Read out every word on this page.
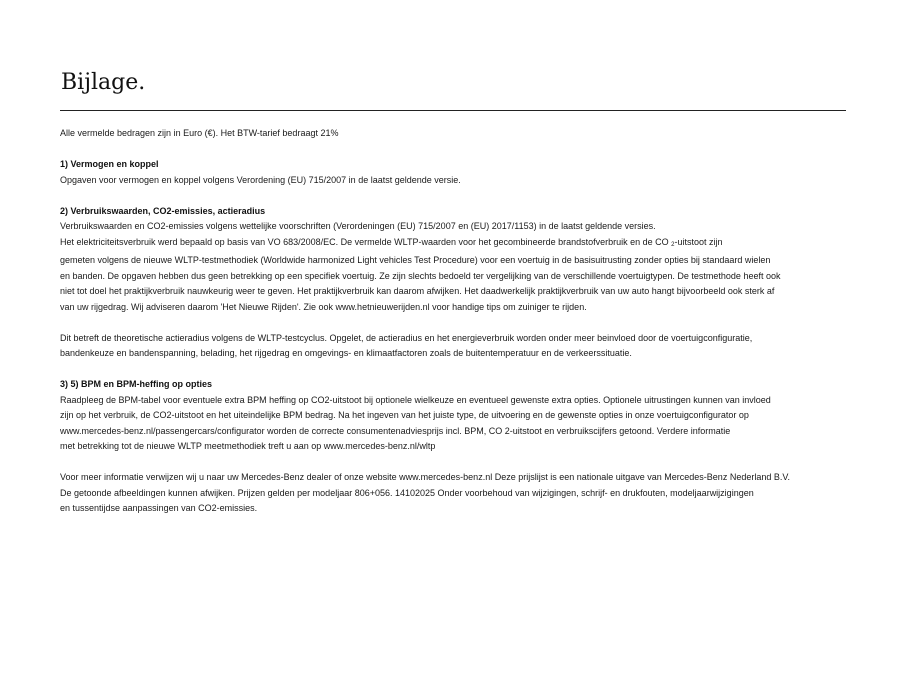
Bijlage.

Alle vermelde bedragen zijn in Euro (€). Het BTW-tarief bedraagt 21%

1) Vermogen en koppel

Opgaven voor vermogen en koppel volgens Verordening (EU) 715/2007 in de laatst geldende versie.

2) Verbruikswaarden, CO2-emissies, actieradius

Verbruikswaarden en CO2-emissies volgens wettelijke voorschriften (Verordeningen (EU) 715/2007 en (EU) 2017/1153) in de laatst geldende versies.

Het elektriciteitsverbruik werd bepaald op basis van VO 683/2008/EC. De vermelde WLTP-waarden voor het gecombineerde brandstofverbruik en de CO 2-uitstoot zijn

gemeten volgens de nieuwe WLTP-testmethodiek (Worldwide harmonized Light vehicles Test Procedure) voor een voertuig in de basisuitrusting zonder opties bij standaard wielen

en banden. De opgaven hebben dus geen betrekking op een specifiek voertuig. Ze zijn slechts bedoeld ter vergelijking van de verschillende voertuigtypen. De testmethode heeft ook

niet tot doel het praktijkverbruik nauwkeurig weer te geven. Het praktijkverbruik kan daarom afwijken. Het daadwerkelijk praktijkverbruik van uw auto hangt bijvoorbeeld ook sterk af

van uw rijgedrag. Wij adviseren daarom 'Het Nieuwe Rijden'. Zie ook www.hetnieuwerijden.nl voor handige tips om zuiniger te rijden.

Dit betreft de theoretische actieradius volgens de WLTP-testcyclus. Opgelet, de actieradius en het energieverbruik worden onder meer beinvloed door de voertuigconfiguratie,

bandenkeuze en bandenspanning, belading, het rijgedrag en omgevings- en klimaatfactoren zoals de buitentemperatuur en de verkeerssituatie.

3) 5) BPM en BPM-heffing op opties

Raadpleeg de BPM-tabel voor eventuele extra BPM heffing op CO2-uitstoot bij optionele wielkeuze en eventueel gewenste extra opties. Optionele uitrustingen kunnen van invloed

zijn op het verbruik, de CO2-uitstoot en het uiteindelijke BPM bedrag. Na het ingeven van het juiste type, de uitvoering en de gewenste opties in onze voertuigconfigurator op

www.mercedes-benz.nl/passengercars/configurator worden de correcte consumentenadviesprijs incl. BPM, CO 2-uitstoot en verbruikscijfers getoond. Verdere informatie

met betrekking tot de nieuwe WLTP meetmethodiek treft u aan op www.mercedes-benz.nl/wltp

Voor meer informatie verwijzen wij u naar uw Mercedes-Benz dealer of onze website www.mercedes-benz.nl Deze prijslijst is een nationale uitgave van Mercedes-Benz Nederland B.V.

De getoonde afbeeldingen kunnen afwijken. Prijzen gelden per modeljaar 806+056. 14102025 Onder voorbehoud van wijzigingen, schrijf- en drukfouten, modeljaarwijzigingen

en tussentijdse aanpassingen van CO2-emissies.
